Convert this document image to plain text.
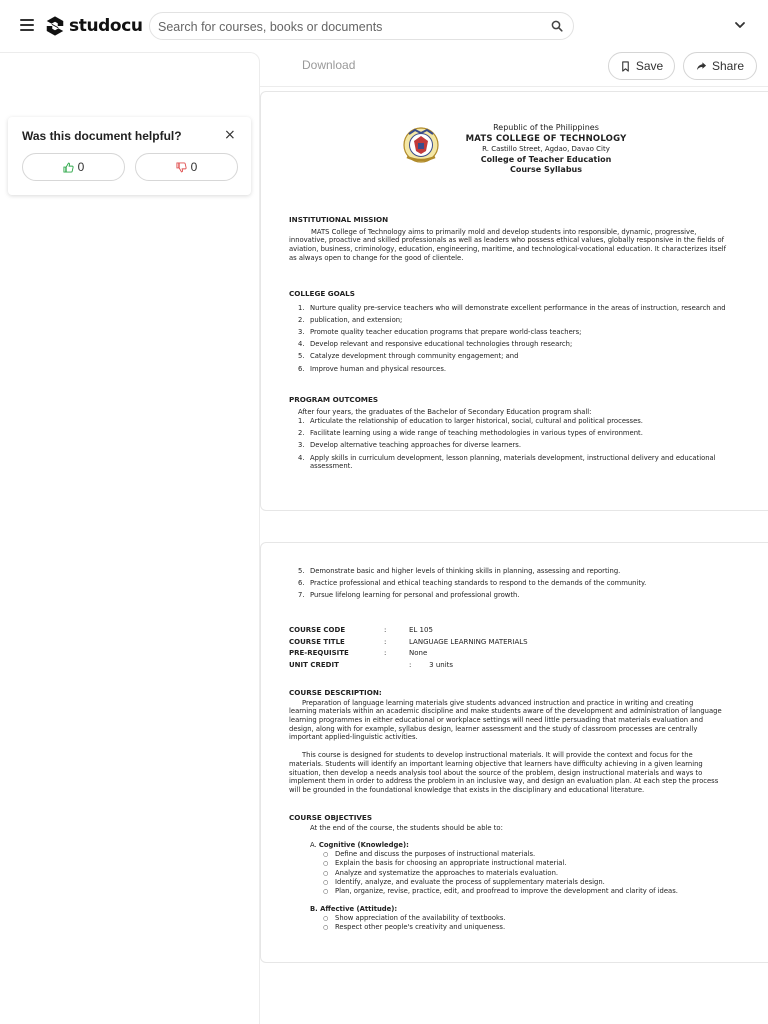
studocu
Search for courses, books or documents
Was this document helpful?	×
0	0
Download	Save	Share
Republic of the Philippines
MATS COLLEGE OF TECHNOLOGY
R. Castillo Street, Agdao, Davao City
College of Teacher Education
Course Syllabus
INSTITUTIONAL MISSION
MATS College of Technology aims to primarily mold and develop students into responsible, dynamic, progressive,
innovative, proactive and skilled professionals as well as leaders who possess ethical values, globally responsive in the fields of
aviation, business, criminology, education, engineering, maritime, and technological-vocational education. It characterizes itself
as always open to change for the good of clientele.
COLLEGE GOALS
1. Nurture quality pre-service teachers who will demonstrate excellent performance in the areas of instruction, research and
2. publication, and extension;
3. Promote quality teacher education programs that prepare world-class teachers;
4. Develop relevant and responsive educational technologies through research;
5. Catalyze development through community engagement; and
6. Improve human and physical resources.
PROGRAM OUTCOMES
After four years, the graduates of the Bachelor of Secondary Education program shall:
1. Articulate the relationship of education to larger historical, social, cultural and political processes.
2. Facilitate learning using a wide range of teaching methodologies in various types of environment.
3. Develop alternative teaching approaches for diverse learners.
4. Apply skills in curriculum development, lesson planning, materials development, instructional delivery and educational assessment.
5. Demonstrate basic and higher levels of thinking skills in planning, assessing and reporting.
6. Practice professional and ethical teaching standards to respond to the demands of the community.
7. Pursue lifelong learning for personal and professional growth.
COURSE CODE	:	EL 105
COURSE TITLE	:	LANGUAGE LEARNING MATERIALS
PRE-REQUISITE	:	None
UNIT CREDIT	:        3 units
COURSE DESCRIPTION:
Preparation of language learning materials give students advanced instruction and practice in writing and creating
learning materials within an academic discipline and make students aware of the development and administration of language
learning programmes in either educational or workplace settings will need little persuading that materials evaluation and
design, along with for example, syllabus design, learner assessment and the study of classroom processes are centrally
important applied-linguistic activities.
This course is designed for students to develop instructional materials. It will provide the context and focus for the
materials. Students will identify an important learning objective that learners have difficulty achieving in a given learning
situation, then develop a needs analysis tool about the source of the problem, design instructional materials and ways to
implement them in order to address the problem in an inclusive way, and design an evaluation plan. At each step the process
will be grounded in the foundational knowledge that exists in the disciplinary and educational literature.
COURSE OBJECTIVES
At the end of the course, the students should be able to:
A. Cognitive (Knowledge):
○ Define and discuss the purposes of instructional materials.
○ Explain the basis for choosing an appropriate instructional material.
○ Analyze and systematize the approaches to materials evaluation.
○ Identify, analyze, and evaluate the process of supplementary materials design.
○ Plan, organize, revise, practice, edit, and proofread to improve the development and clarity of ideas.
B. Affective (Attitude):
○ Show appreciation of the availability of textbooks.
○ Respect other people's creativity and uniqueness.
